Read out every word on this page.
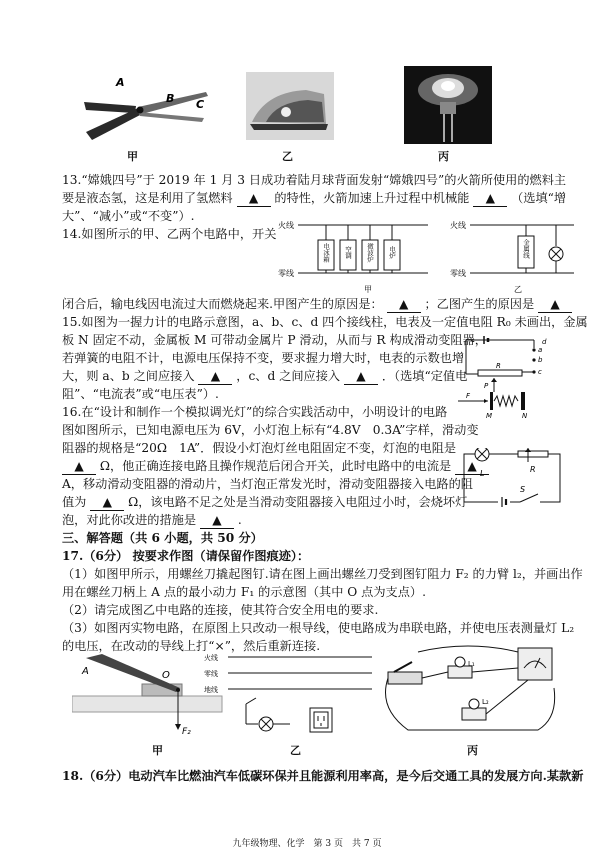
A
B C
甲	乙	丙
13.“嫦娥四号”于 2019 年 1 月 3 日成功着陆月球背面发射“嫦娥四号”的火箭所使用的燃料主
要是液态氢，这是利用了氢燃料 ▲ 的特性，火箭加速上升过程中机械能 ▲ （选填“增
大”、“减小”或“不变”）.
14.如图所示的甲、乙两个电路中，开关
火线
零线
电冰箱 空调 微波炉 电炉
甲
火线
零线
金属线
乙
闭合后，输电线因电流过大而燃烧起来.甲图产生的原因是： ▲ ；乙图产生的原因是 ▲
15.如图为一握力计的电路示意图，a、b、c、d 四个接线柱，电表及一定值电阻 R₀ 未画出，金属
板 N 固定不动，金属板 M 可带动金属片 P 滑动，从而与 R 构成滑动变阻器，
若弹簧的电阻不计，电源电压保持不变，要求握力增大时，电表的示数也增
大，则 a、b 之间应接入 ▲ ，c、d 之间应接入 ▲ ．（选填“定值电
阻”、“电流表”或“电压表”）.
a
b
c
d
R
P
F
M	N
16.在“设计和制作一个模拟调光灯”的综合实践活动中，小明设计的电路
图如图所示，已知电源电压为 6V，小灯泡上标有“4.8V　0.3A”字样，滑动变
阻器的规格是“20Ω　1A”．假设小灯泡灯丝电阻固定不变，灯泡的电阻是
▲ Ω，他正确连接电路且操作规范后闭合开关，此时电路中的电流是 ▲
A，移动滑动变阻器的滑动片，当灯泡正常发光时，滑动变阻器接入电路的阻
值为 ▲ Ω，该电路不足之处是当滑动变阻器接入电阻过小时，会烧坏灯
泡，对此你改进的措施是 ▲ .
L	R
S
三、解答题（共 6 小题，共 50 分）
17.（6分） 按要求作图（请保留作图痕迹）：
（1）如图甲所示，用螺丝刀撬起图钉.请在图上画出螺丝刀受到图钉阻力 F₂ 的力臂 l₂，并画出作
用在螺丝刀柄上 A 点的最小动力 F₁ 的示意图（其中 O 点为支点）.
（2）请完成图乙中电路的连接，使其符合安全用电的要求.
（3）如图丙实物电路，在原图上只改动一根导线，使电路成为串联电路，并使电压表测量灯 L₂
的电压，在改动的导线上打“×”，然后重新连接.
A	O
F₂
甲
火线
零线
地线
乙
L₁
L₂
丙
18.（6分）电动汽车比燃油汽车低碳环保并且能源利用率高，是今后交通工具的发展方向.某款新
九年级物理、化学　第 3 页　共 7 页
